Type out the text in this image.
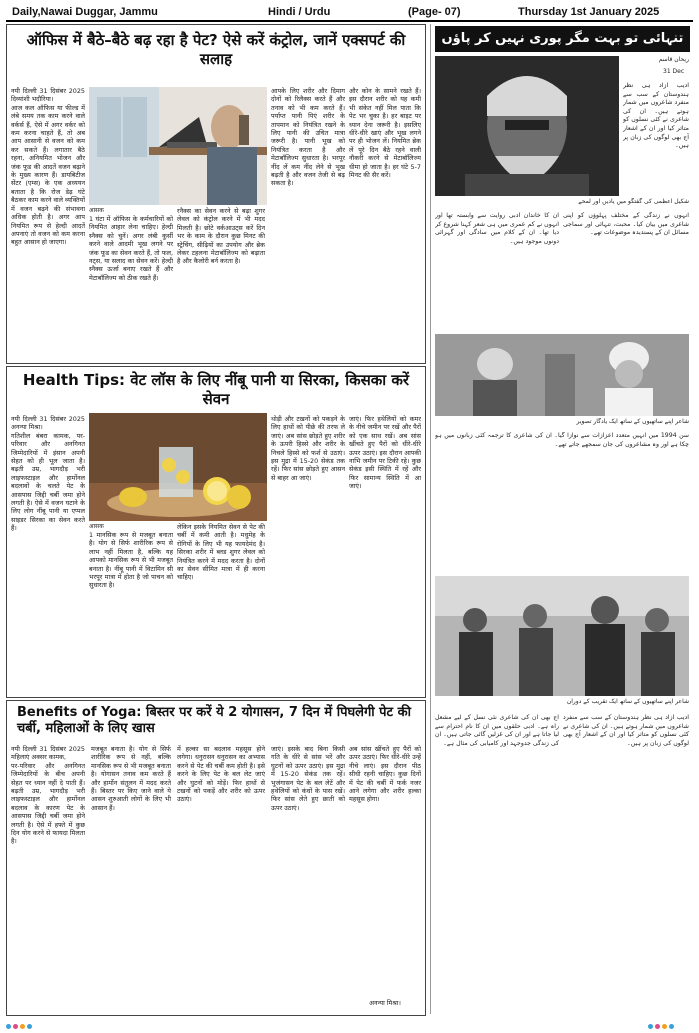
Daily,Nawai Duggar, Jammu	Hindi / Urdu	(Page- 07)	Thursday 1st January 2025
ऑफिस में बैठे–बैठे बढ़ रहा है पेट? ऐसे करें कंट्रोल, जानें एक्सपर्ट की सलाह

नयी दिल्ली 31 दिसंबर 2025 दिव्यांशी भदौरिया।

आज कल ऑफिस या फील्ड में लंबे समय तक काम करने वाले वर्कर्स हैं, ऐसे में अगर वर्कर को कम करना चाहते हैं, तो अब आप आसानी से वजन को कम कर सकते हैं। लगातार बैठे रहना, अनियमित भोजन और जंक फूड की आदतें वजन बढ़ाने के मुख्य कारण हैं। डायबिटीज सेंटर (एम्स) के एक अध्ययन बताता है कि रोज डेढ़ घंटे बैठकर काम करने वाले व्यक्तियों में वजन बढ़ने की संभावना अधिक होती है। अगर आप नियमित रूप से हेल्दी आदतें अपनाएं तो वजन को कम करना बहुत आसान हो जाएगा।

आसक
1 घंटा में ऑफिस के कर्मचारियों को नियमित आहार लेना चाहिए। हेल्दी स्नैक्स को चुनें। अगर लंबी कुर्सी करने वाले आदमी भूख लगने पर जंक फूड का सेवन करते हैं, तो फल, नट्स, या सलाद का सेवन करें। हेल्दी स्नैक्स ऊर्जा बनाए रखते हैं और मेटाबॉलिज्म को ठीक रखते हैं।
रनैक्स का सेवन करने से बढ़ा शुगर लेवल को कंट्रोल करने में भी मदद मिलती है। छोटे वर्कआउट्स करें दिन भर के काम के दौरान कुछ मिनट की स्ट्रेचिंग, सीढ़ियों का उपयोग और ब्रेक लेकर टहलना मेटाबॉलिज्म को बढ़ाता है और कैलोरी बर्न करता है।
आपके लिए शरीर और दिमाग दोनों को रिलैक्स करते हैं और तनाव को भी कम करते हैं। पर्याप्त पानी पिएं शरीर के तापमान को नियंत्रित रखने के लिए पानी की उचित मात्रा जरूरी है। पानी भूख को नियंत्रित करता है और मेटाबॉलिज्म सुधारता है। भरपूर नींद लें कम नींद लेने से भूख बढ़ती है और वजन तेजी से बढ़ सकता है।
और कोन के सामने रखते हैं। इस दौरान शरीर को यह कमी भी संकेत नहीं मिल पाता कि पेट भर चुका है। हर बाइट पर ध्यान देना जरूरी है। इसलिए धीरे-धीरे खाएं और भूख लगने पर ही भोजन लें। नियमित ब्रेक लें पूरे दिन बैठे रहने वाली नौकरी करने से मेटाबॉलिज्म धीमा हो जाता है। हर घंटे 5-7 मिनट की सैर करें।
Health Tips: वेट लॉस के लिए नींबू पानी या सिरका, किसका करें सेवन

नयी दिल्ली 31 दिसंबर 2025 अनन्या मिश्रा।

गतिशील बंबरा कामक, पर-परिवार और अनगिनत जिम्मेदारियों में इंसान अपनी सेहत को ही भूल जाता है। बढ़ती उम्र, भागदौड़ भरी लाइफस्टाइल और हार्मोनल बदलावों के चलते पेट के आसपास जिद्दी चर्बी जमा होने लगती है। ऐसे में वजन घटाने के लिए लोग नींबू पानी या एप्पल साइडर सिरका का सेवन करते हैं।	आसक
1 मानसिक रूप से मजबूत बनाता है। योग से सिर्फ शारीरिक रूप से लाभ नहीं मिलता है, बल्कि यह आपको मानसिक रूप से भी मजबूत बनाता है। नींबू पानी में विटामिन सी भरपूर मात्रा में होता है जो पाचन को सुधारता है।
लेकिन इसके नियमित सेवन से पेट की चर्बी में कमी आती है। मधुमेह के रोगियों के लिए भी यह फायदेमंद है। सिरका शरीर में ब्लड शुगर लेवल को नियंत्रित करने में मदद करता है। दोनों का सेवन सीमित मात्रा में ही करना चाहिए।
थोड़ी और टखनों को पकड़ने के लिए हाथों को पीछे की तरफ ले जाएं। अब सांस छोड़ते हुए शरीर के ऊपरी हिस्से और शरीर के निचले हिस्से को फर्श से उठाएं। इस मुद्रा में 15-20 सेकंड तक रहें। फिर सांस छोड़ते हुए आसन से बाहर आ जाएं।
जाएं। फिर हथेलियों को कमर के नीचे जमीन पर रखें और पैरों को एक साथ रखें। अब सांस खींचते हुए पैरों को धीरे-धीरे ऊपर उठाएं। इस दौरान आपकी नाभि जमीन पर टिकी रहे। कुछ सेकंड इसी स्थिति में रहें और फिर सामान्य स्थिति में आ जाएं।
Benefits of Yoga: बिस्तर पर करें ये 2 योगासन, 7 दिन में पिघलेगी पेट की चर्बी, महिलाओं के लिए खास

नयी दिल्ली 31 दिसंबर 2025 महिलाएं अक्सर कामक,

पर-परिवार और अनगिनत जिम्मेदारियों के बीच अपनी सेहत पर ध्यान नहीं दे पाती हैं। बढ़ती उम्र, भागदौड़ भरी लाइफस्टाइल और हार्मोनल बदलाव के कारण पेट के आसपास जिद्दी चर्बी जमा होने लगती है। ऐसे में हफ्ते में कुछ दिन योग करने से फायदा मिलता है।

मजबूत बनाता है। योग से सिर्फ शारीरिक रूप से नहीं, बल्कि मानसिक रूप से भी मजबूत बनाता है। योगासन तनाव कम करते हैं और हार्मोन संतुलन में मदद करते हैं। बिस्तर पर किए जाने वाले ये आसन शुरुआती लोगों के लिए भी आसान हैं।
में हल्का सा बदलाव महसूस होने लगेगा। धनुरासन धनुरासन का अभ्यास करने से पेट की चर्बी कम होती है। इसे करने के लिए पेट के बल लेट जाएं और घुटनों को मोड़ें। फिर हाथों से टखनों को पकड़ें और शरीर को ऊपर उठाएं।
जाएं। इसके बाद बिना किसी गति के धीरे से सांस भरें और घुटनों को ऊपर उठाएं। इस मुद्रा में 15-20 सेकंड तक रहें। भुजंगासन पेट के बल लेटें और हथेलियों को कंधों के पास रखें। फिर सांस लेते हुए छाती को ऊपर उठाएं।
अब सांस खींचते हुए पैरों को ऊपर उठाएं। फिर धीरे-धीरे उन्हें नीचे लाएं। इस दौरान पीठ सीधी रहनी चाहिए। कुछ दिनों में पेट की चर्बी में फर्क नजर आने लगेगा और शरीर हल्का महसूस होगा।
अनन्या मिश्रा।
تنہائی تو بہت مگر پوری نہیں کر پاؤں
ریحان قاسم
31 Dec
ادیب آزاد ہی نظر ہندوستان کے سب سے منفرد شاعروں میں شمار ہوتے ہیں۔ ان کی شاعری نے کئی نسلوں کو متاثر کیا اور ان کے اشعار آج بھی لوگوں کی زبان پر ہیں۔
شکیل اعظمی کی گفتگو میں یادیں اور لمحے
ان کا خاندان ادبی روایت سے وابستہ تھا اور انہوں نے کم عمری میں ہی شعر کہنا شروع کر دیا تھا۔ ان کے کلام میں سادگی اور گہرائی دونوں موجود ہیں۔
انہوں نے زندگی کے مختلف پہلوؤں کو اپنی شاعری میں بیان کیا۔ محبت، تنہائی اور سماجی مسائل ان کے پسندیدہ موضوعات تھے۔
شاعر اپنے ساتھیوں کے ساتھ ایک یادگار تصویر
سن 1994 میں انہیں متعدد اعزازات سے نوازا گیا۔ ان کی شاعری کا ترجمہ کئی زبانوں میں ہو چکا ہے اور وہ مشاعروں کی جان سمجھے جاتے تھے۔
شاعر اپنے ساتھیوں کے ساتھ ایک تقریب کے دوران
آج بھی ان کی شاعری نئی نسل کے لیے مشعل راہ ہے۔ ادبی حلقوں میں ان کا نام احترام سے لیا جاتا ہے اور ان کی غزلیں گائی جاتی ہیں۔ ان کی زندگی جدوجہد اور کامیابی کی مثال ہے۔
ادیب آزاد ہی نظر ہندوستان کے سب سے منفرد شاعروں میں شمار ہوتے ہیں۔ ان کی شاعری نے کئی نسلوں کو متاثر کیا اور ان کے اشعار آج بھی لوگوں کی زبان پر ہیں۔
